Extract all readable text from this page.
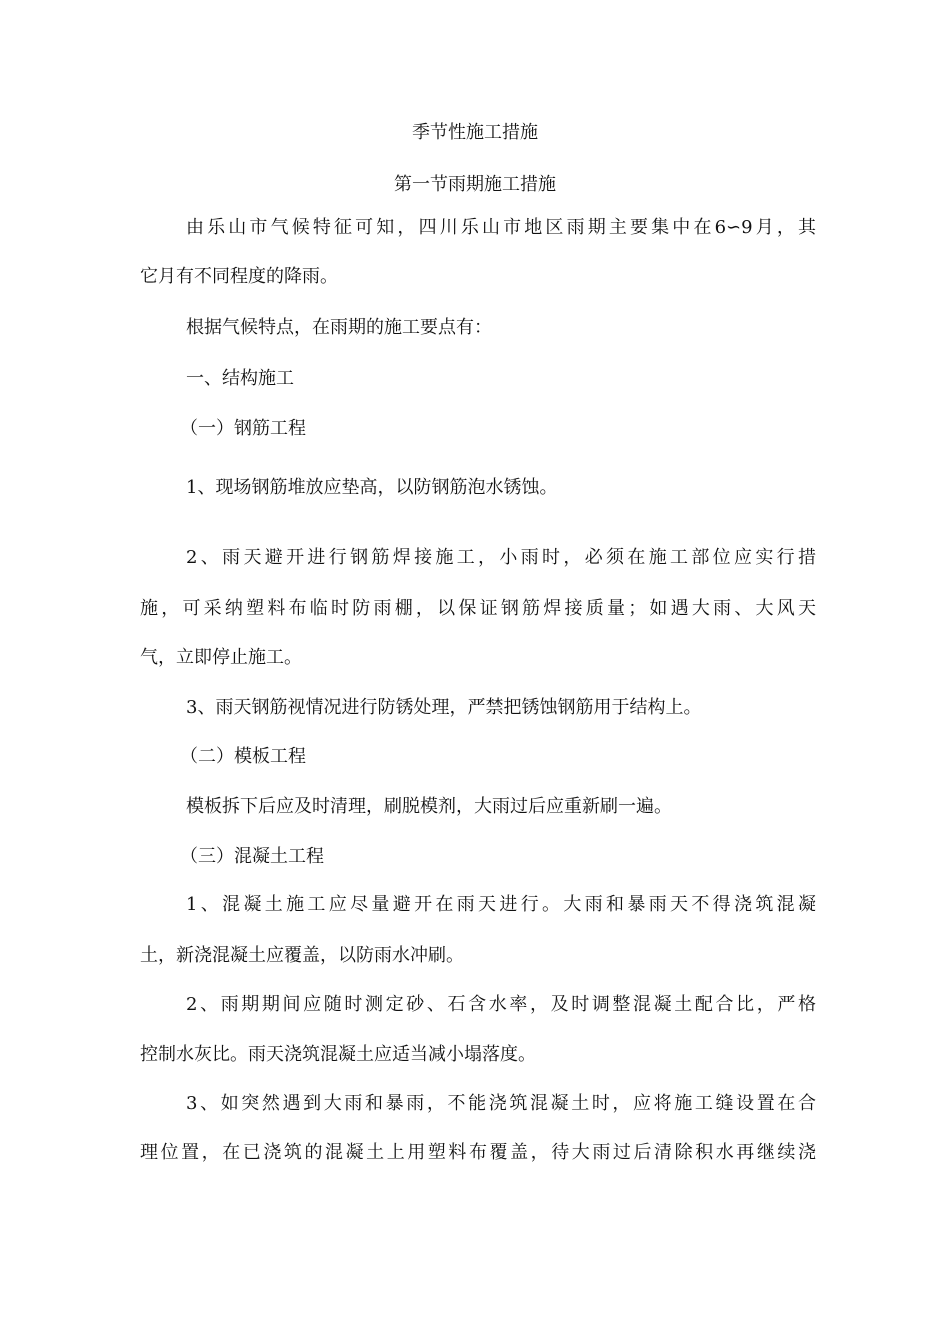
季节性施工措施
第一节雨期施工措施
由乐山市气候特征可知，四川乐山市地区雨期主要集中在6∽9月，其
它月有不同程度的降雨。
根据气候特点，在雨期的施工要点有：
一、结构施工
（一）钢筋工程
1、现场钢筋堆放应垫高，以防钢筋泡水锈蚀。
2、雨天避开进行钢筋焊接施工，小雨时，必须在施工部位应实行措
施，可采纳塑料布临时防雨棚，以保证钢筋焊接质量；如遇大雨、大风天
气，立即停止施工。
3、雨天钢筋视情况进行防锈处理，严禁把锈蚀钢筋用于结构上。
（二）模板工程
模板拆下后应及时清理，刷脱模剂，大雨过后应重新刷一遍。
（三）混凝土工程
1、混凝土施工应尽量避开在雨天进行。大雨和暴雨天不得浇筑混凝
土，新浇混凝土应覆盖，以防雨水冲刷。
2、雨期期间应随时测定砂、石含水率，及时调整混凝土配合比，严格
控制水灰比。雨天浇筑混凝土应适当减小塌落度。
3、如突然遇到大雨和暴雨，不能浇筑混凝土时，应将施工缝设置在合
理位置，在已浇筑的混凝土上用塑料布覆盖，待大雨过后清除积水再继续浇
